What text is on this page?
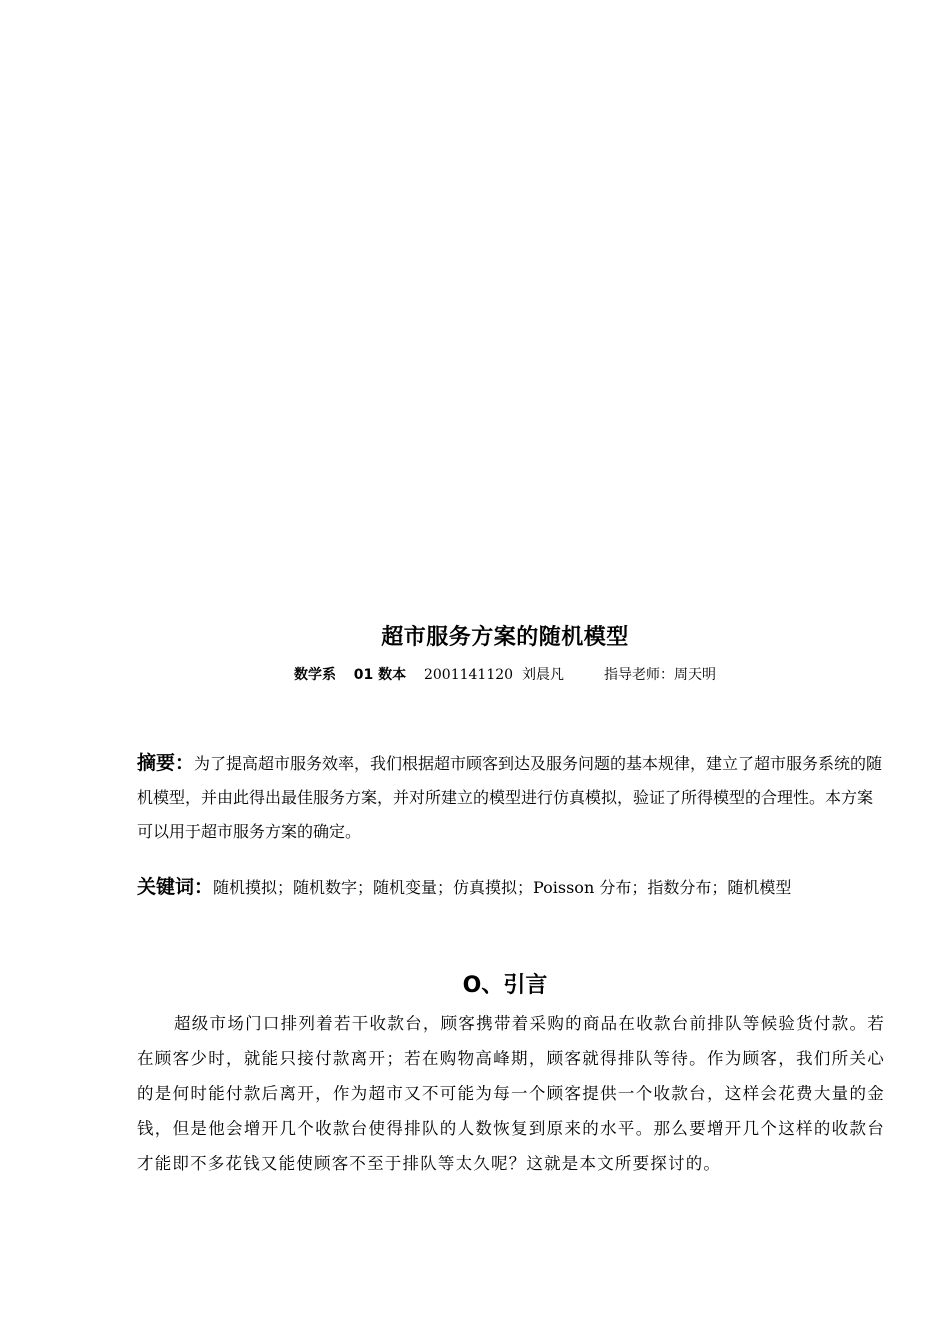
超市服务方案的随机模型
数学系 01 数本 2001141120 刘晨凡	指导老师：周天明
摘要：为了提高超市服务效率，我们根据超市顾客到达及服务问题的基本规律，建立了超市服务系统的随机模型，并由此得出最佳服务方案，并对所建立的模型进行仿真模拟，验证了所得模型的合理性。本方案可以用于超市服务方案的确定。
关键词：随机摸拟；随机数字；随机变量；仿真摸拟；Poisson 分布；指数分布；随机模型
O、引言
超级市场门口排列着若干收款台，顾客携带着采购的商品在收款台前排队等候验货付款。若在顾客少时，就能只接付款离开；若在购物高峰期，顾客就得排队等待。作为顾客，我们所关心的是何时能付款后离开，作为超市又不可能为每一个顾客提供一个收款台，这样会花费大量的金钱，但是他会增开几个收款台使得排队的人数恢复到原来的水平。那么要增开几个这样的收款台才能即不多花钱又能使顾客不至于排队等太久呢？这就是本文所要探讨的。
